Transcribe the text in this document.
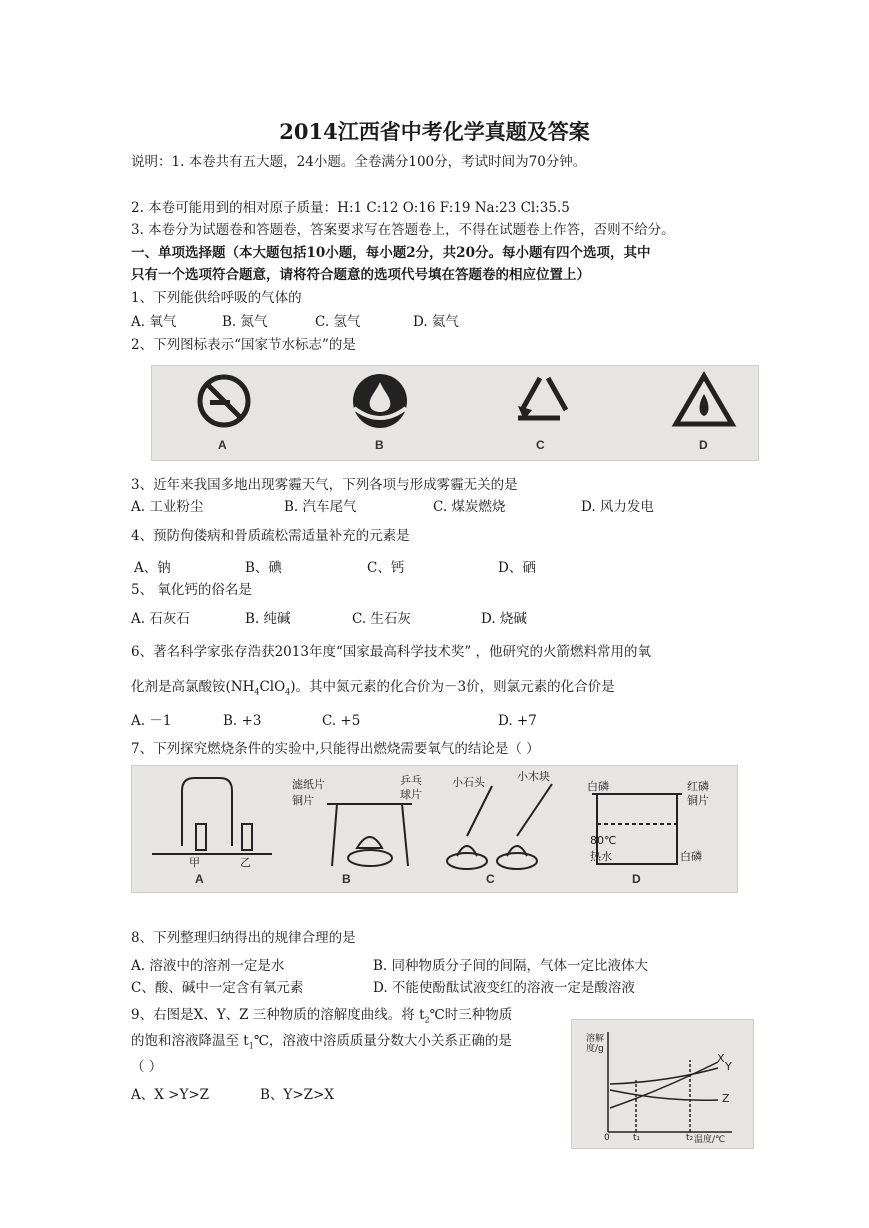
2014江西省中考化学真题及答案
说明：1. 本卷共有五大题，24小题。全卷满分100分，考试时间为70分钟。
2. 本卷可能用到的相对原子质量：H:1 C:12 O:16 F:19 Na:23 Cl:35.5
3. 本卷分为试题卷和答题卷，答案要求写在答题卷上，不得在试题卷上作答，否则不给分。
一、单项选择题（本大题包括10小题，每小题2分，共20分。每小题有四个选项，其中
只有一个选项符合题意，请将符合题意的选项代号填在答题卷的相应位置上）
1、下列能供给呼吸的气体的
A. 氧气	B. 氮气	C. 氢气	D. 氦气
2、下列图标表示“国家节水标志”的是
A	B	C	D
3、近年来我国多地出现雾霾天气，下列各项与形成雾霾无关的是
A. 工业粉尘	B. 汽车尾气	C. 煤炭燃烧	D. 风力发电
4、预防佝偻病和骨质疏松需适量补充的元素是
A、钠	B、碘	C、钙	D、硒
5、 氧化钙的俗名是
A. 石灰石	B. 纯碱	C. 生石灰	D. 烧碱
6、著名科学家张存浩获2013年度“国家最高科学技术奖” ，他研究的火箭燃料常用的氧
化剂是高氯酸铵$(NH_4ClO_4)$。其中氮元素的化合价为－3价，则氯元素的化合价是
A. －1	B. +3	C. +5	D. +7
7、下列探究燃烧条件的实验中,只能得出燃烧需要氧气的结论是（ ）
A
甲	乙
B	C	D
滤纸片
铜片
乒乓
球片
小石头	小木块
白磷	红磷
铜片
80℃
热水	白磷
8、下列整理归纳得出的规律合理的是
A. 溶液中的溶剂一定是水	B. 同种物质分子间的间隔，气体一定比液体大
C、酸、碱中一定含有氧元素	D. 不能使酚酞试液变红的溶液一定是酸溶液
9、右图是X、Y、Z 三种物质的溶解度曲线。将 $t_2℃$时三种物质
的饱和溶液降温至 $t_1℃$，溶液中溶质质量分数大小关系正确的是
（ ）
A、X >Y>Z	B、Y>Z>X
溶解度/g
温度/℃
0	t₁	t₂
X
Y
Z
